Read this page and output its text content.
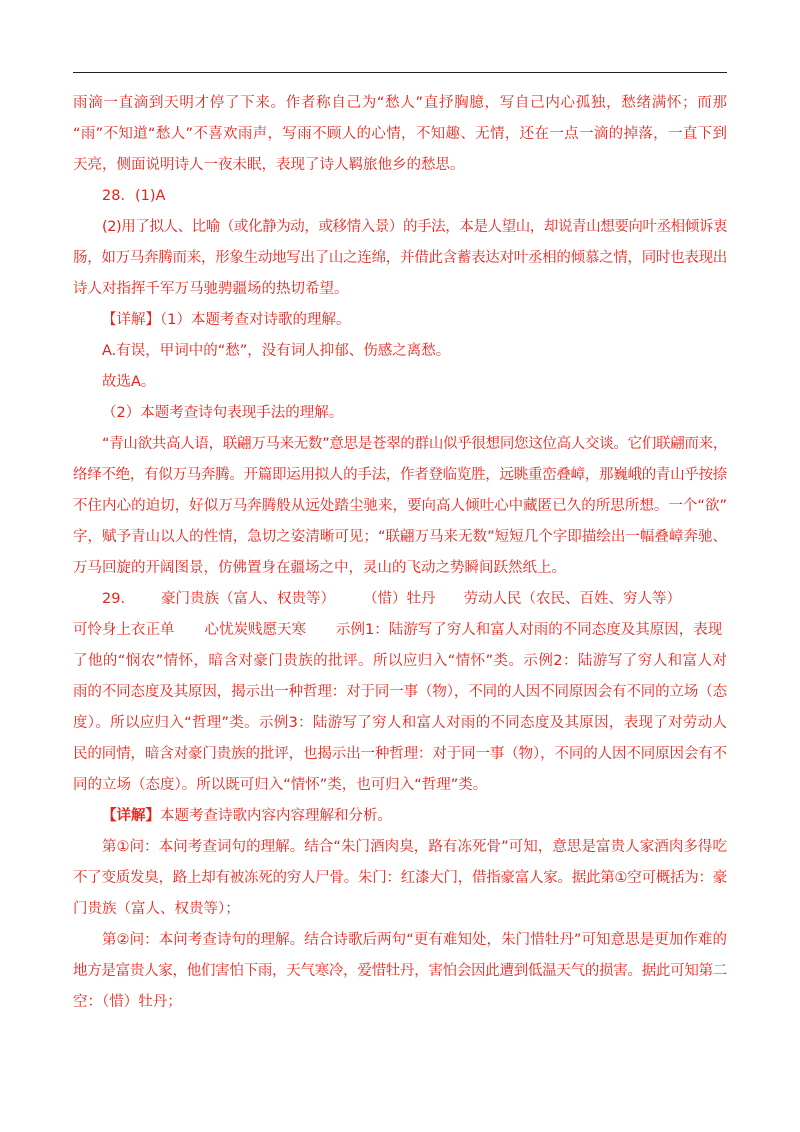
雨滴一直滴到天明才停了下来。作者称自己为“愁人”直抒胸臆，写自己内心孤独，愁绪满怀；而那

“雨”不知道“愁人”不喜欢雨声，写雨不顾人的心情，不知趣、无情，还在一点一滴的掉落，一直下到

天亮，侧面说明诗人一夜未眠，表现了诗人羁旅他乡的愁思。

28．(1)A

(2)用了拟人、比喻（或化静为动，或移情入景）的手法，本是人望山，却说青山想要向叶丞相倾诉衷

肠，如万马奔腾而来，形象生动地写出了山之连绵，并借此含蓄表达对叶丞相的倾慕之情，同时也表现出

诗人对指挥千军万马驰骋疆场的热切希望。

【详解】（1）本题考查对诗歌的理解。

A.有误，甲词中的“愁”，没有词人抑郁、伤感之离愁。

故选A。

（2）本题考查诗句表现手法的理解。

“青山欲共高人语，联翩万马来无数”意思是苍翠的群山似乎很想同您这位高人交谈。它们联翩而来，

络绎不绝，有似万马奔腾。开篇即运用拟人的手法，作者登临览胜，远眺重峦叠嶂，那巍峨的青山乎按捺

不住内心的迫切，好似万马奔腾般从远处踏尘驰来，要向高人倾吐心中藏匿已久的所思所想。一个“欲”

字，赋予青山以人的性情，急切之姿清晰可见；“联翩万马来无数”短短几个字即描绘出一幅叠嶂奔驰、

万马回旋的开阔图景，仿佛置身在疆场之中，灵山的飞动之势瞬间跃然纸上。

29. 豪门贵族（富人、权贵等） （惜）牡丹 劳动人民（农民、百姓、穷人等）

可怜身上衣正单 心忧炭贱愿天寒 示例1：陆游写了穷人和富人对雨的不同态度及其原因，表现

了他的“悯农”情怀，暗含对豪门贵族的批评。所以应归入“情怀”类。示例2：陆游写了穷人和富人对

雨的不同态度及其原因，揭示出一种哲理：对于同一事（物），不同的人因不同原因会有不同的立场（态

度）。所以应归入“哲理”类。示例3：陆游写了穷人和富人对雨的不同态度及其原因，表现了对劳动人

民的同情，暗含对豪门贵族的批评，也揭示出一种哲理：对于同一事（物），不同的人因不同原因会有不

同的立场（态度）。所以既可归入“情怀”类，也可归入“哲理”类。

【详解】本题考查诗歌内容内容理解和分析。

第①问：本问考查词句的理解。结合“朱门酒肉臭，路有冻死骨”可知，意思是富贵人家酒肉多得吃

不了变质发臭，路上却有被冻死的穷人尸骨。朱门：红漆大门，借指豪富人家。据此第①空可概括为：豪

门贵族（富人、权贵等）；

第②问：本问考查诗句的理解。结合诗歌后两句“更有难知处，朱门惜牡丹”可知意思是更加作难的

地方是富贵人家，他们害怕下雨，天气寒冷，爱惜牡丹，害怕会因此遭到低温天气的损害。据此可知第二

空：（惜）牡丹；
